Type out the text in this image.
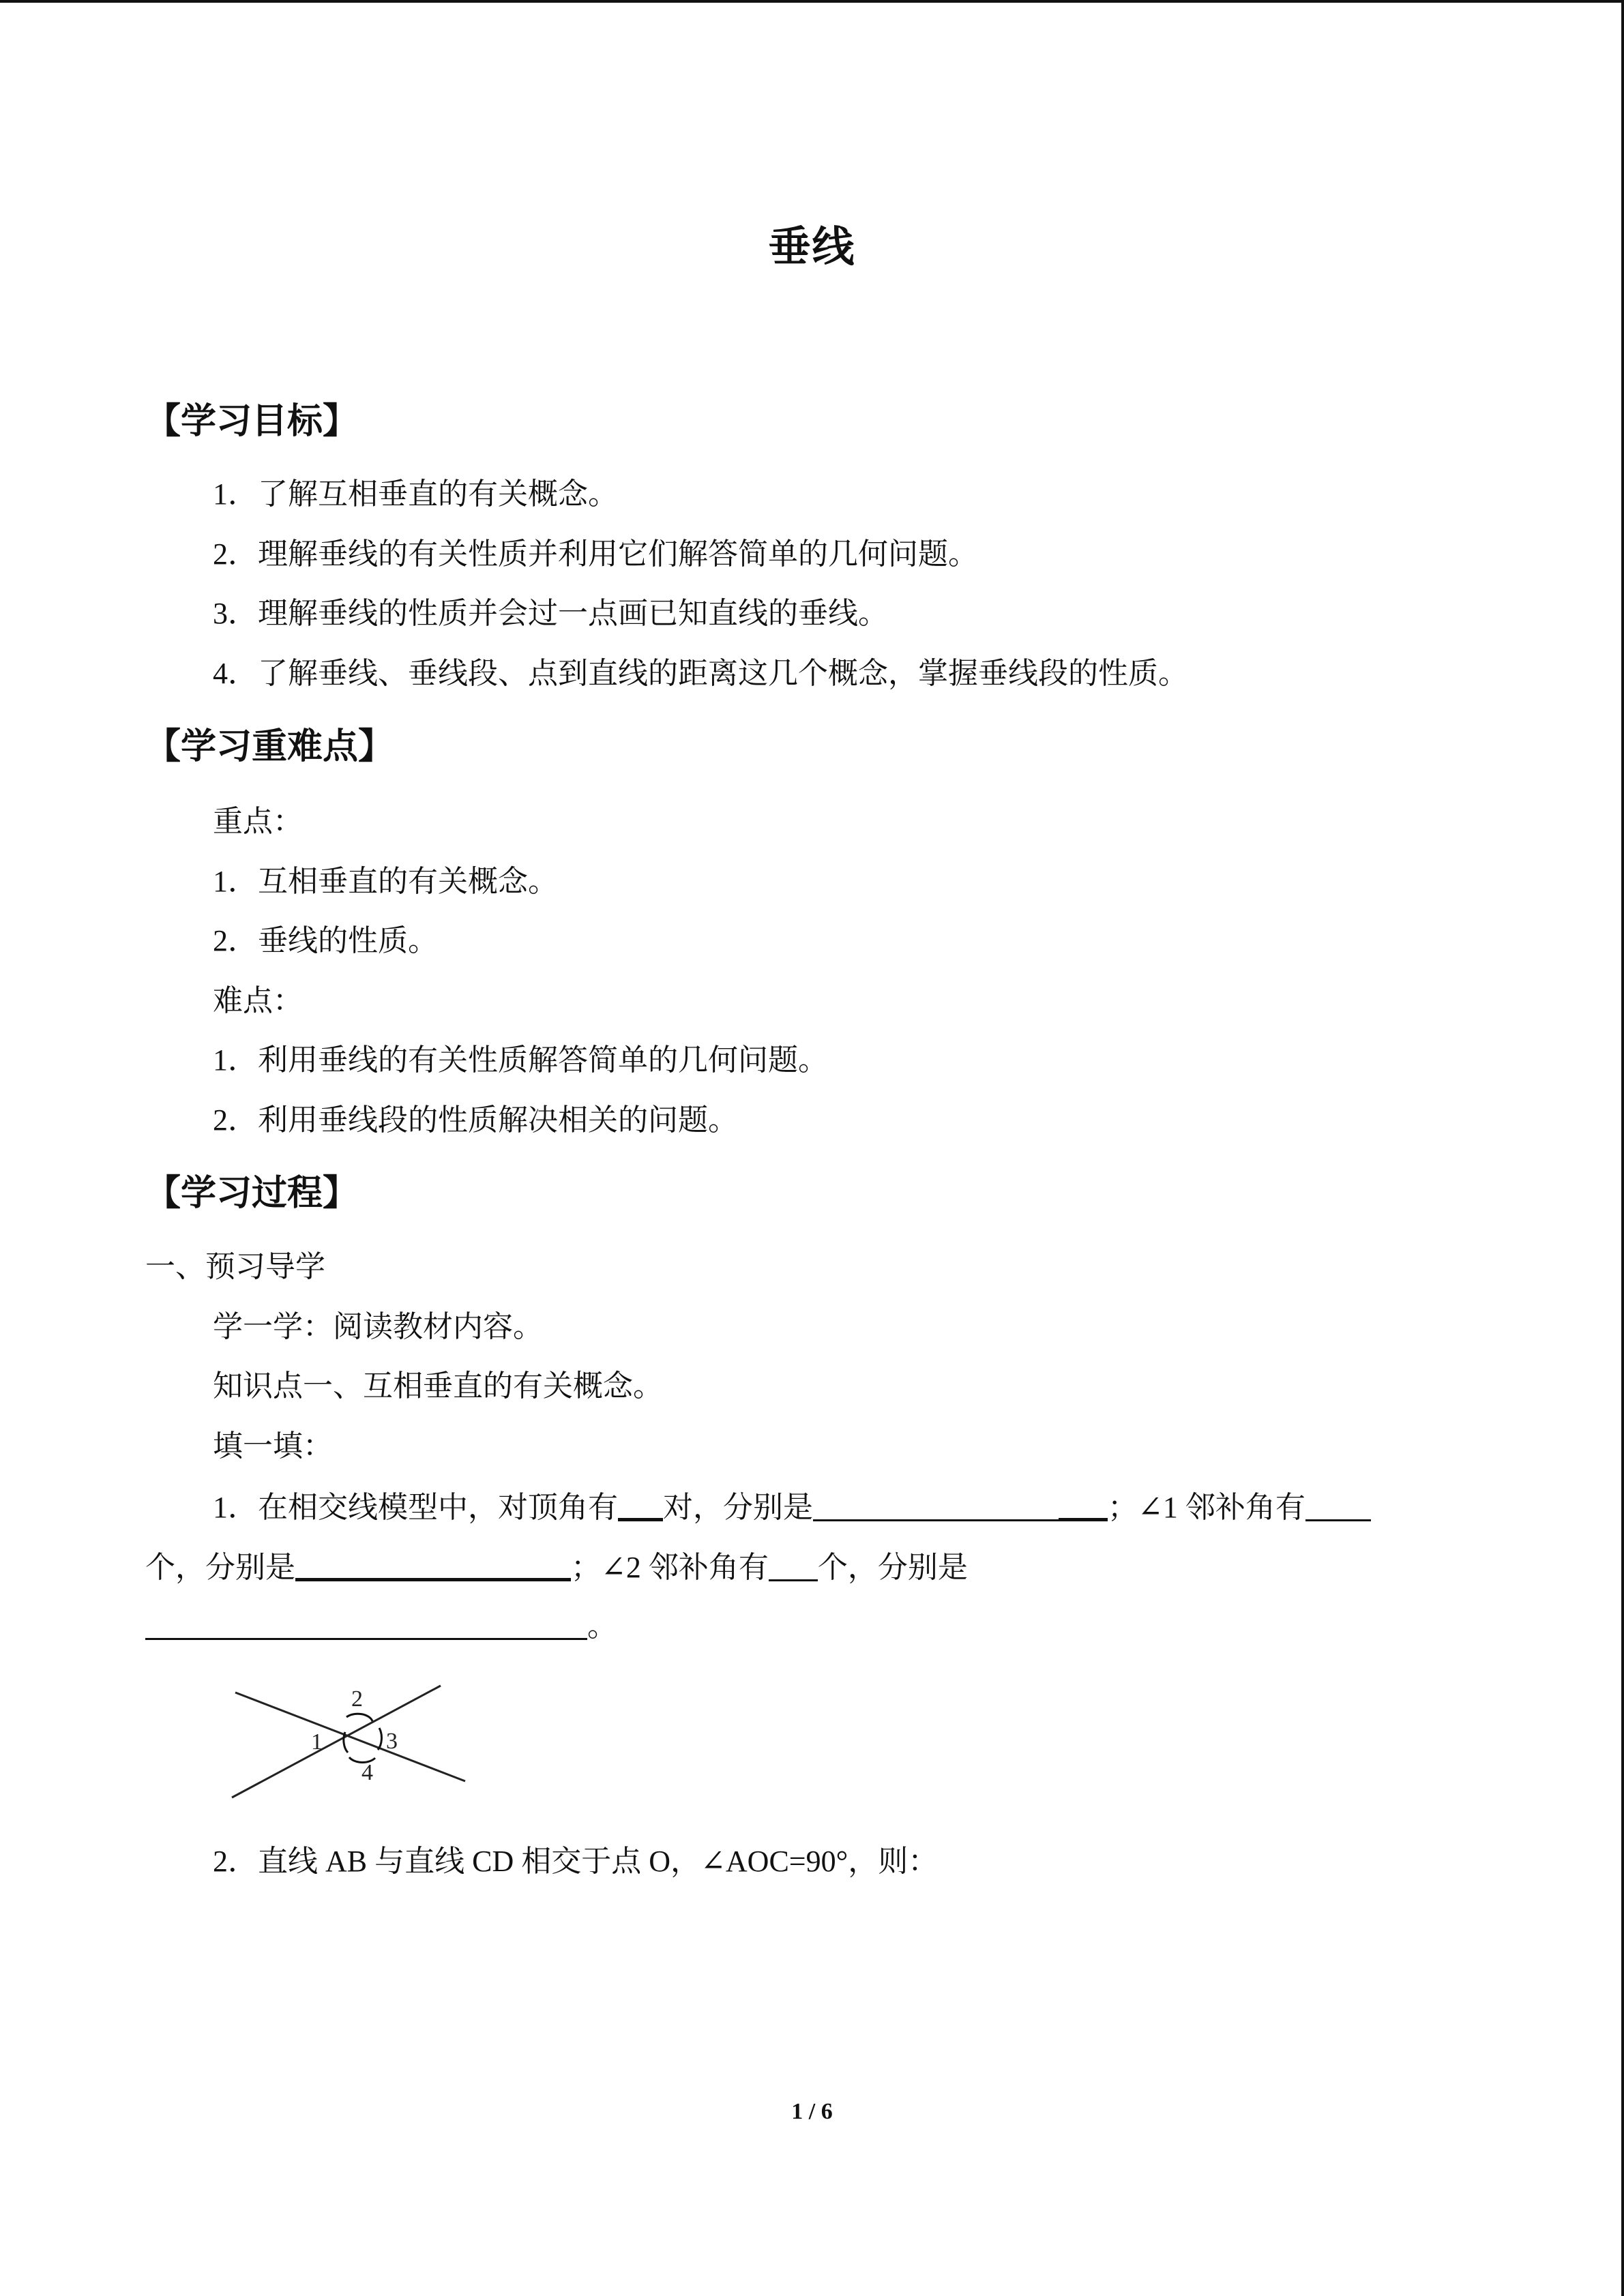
垂线
【学习目标】
1．了解互相垂直的有关概念。
2．理解垂线的有关性质并利用它们解答简单的几何问题。
3．理解垂线的性质并会过一点画已知直线的垂线。
4．了解垂线、垂线段、点到直线的距离这几个概念，掌握垂线段的性质。
【学习重难点】
重点：
1．互相垂直的有关概念。
2．垂线的性质。
难点：
1．利用垂线的有关性质解答简单的几何问题。
2．利用垂线段的性质解决相关的问题。
【学习过程】
一、预习导学
学一学：阅读教材内容。
知识点一、互相垂直的有关概念。
填一填：
1．在相交线模型中，对顶角有 对，分别是	；∠1 邻补角有
个，分别是	；∠2 邻补角有 个，分别是
。
1
2
3
4
2．直线 AB 与直线 CD 相交于点 O，∠AOC=90°，则：
1 / 6
